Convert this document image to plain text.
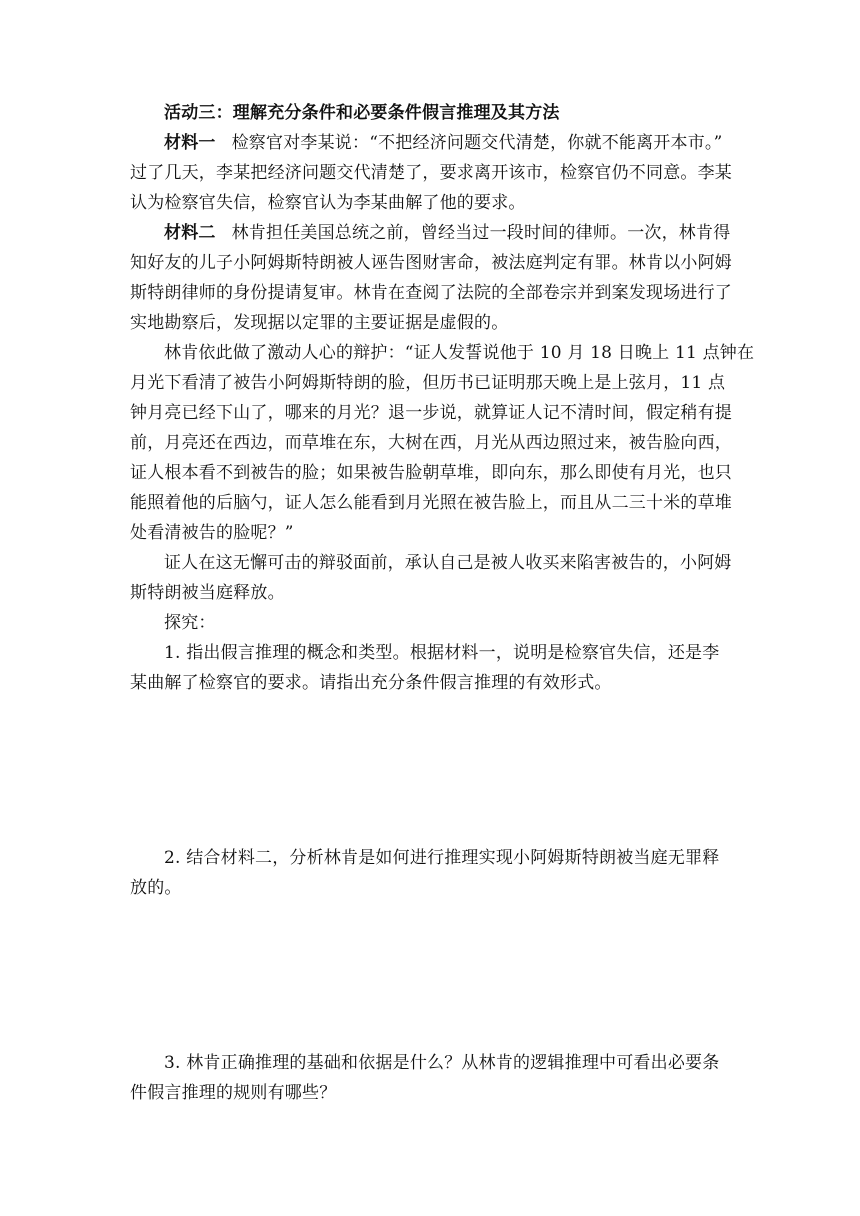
活动三：理解充分条件和必要条件假言推理及其方法
材料一 检察官对李某说：“不把经济问题交代清楚，你就不能离开本市。”
过了几天，李某把经济问题交代清楚了，要求离开该市，检察官仍不同意。李某
认为检察官失信，检察官认为李某曲解了他的要求。
材料二 林肯担任美国总统之前，曾经当过一段时间的律师。一次，林肯得
知好友的儿子小阿姆斯特朗被人诬告图财害命，被法庭判定有罪。林肯以小阿姆
斯特朗律师的身份提请复审。林肯在查阅了法院的全部卷宗并到案发现场进行了
实地勘察后，发现据以定罪的主要证据是虚假的。
林肯依此做了激动人心的辩护：“证人发誓说他于 10 月 18 日晚上 11 点钟在
月光下看清了被告小阿姆斯特朗的脸，但历书已证明那天晚上是上弦月，11 点
钟月亮已经下山了，哪来的月光？退一步说，就算证人记不清时间，假定稍有提
前，月亮还在西边，而草堆在东，大树在西，月光从西边照过来，被告脸向西，
证人根本看不到被告的脸；如果被告脸朝草堆，即向东，那么即使有月光，也只
能照着他的后脑勺，证人怎么能看到月光照在被告脸上，而且从二三十米的草堆
处看清被告的脸呢？”
证人在这无懈可击的辩驳面前，承认自己是被人收买来陷害被告的，小阿姆
斯特朗被当庭释放。
探究：
1. 指出假言推理的概念和类型。根据材料一，说明是检察官失信，还是李
某曲解了检察官的要求。请指出充分条件假言推理的有效形式。
2. 结合材料二，分析林肯是如何进行推理实现小阿姆斯特朗被当庭无罪释
放的。
3. 林肯正确推理的基础和依据是什么？从林肯的逻辑推理中可看出必要条
件假言推理的规则有哪些？
